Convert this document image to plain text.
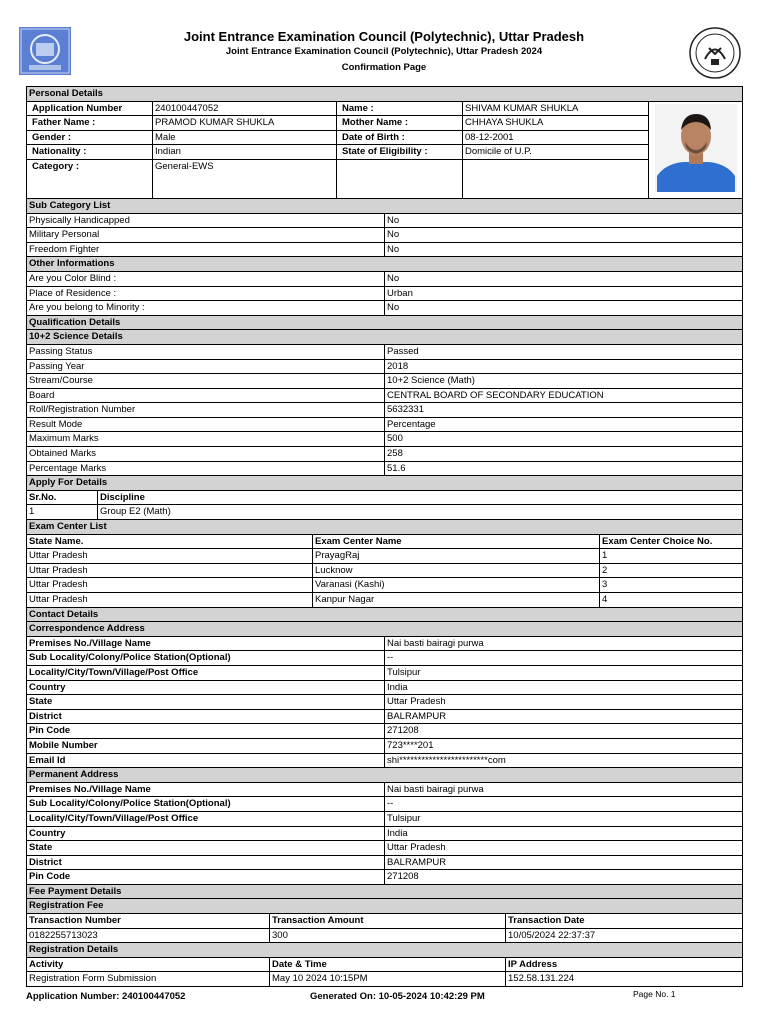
Joint Entrance Examination Council (Polytechnic), Uttar Pradesh
Joint Entrance Examination Council (Polytechnic), Uttar Pradesh 2024
Confirmation Page
Personal Details				
Application Number	240100447052	Name :	SHIVAM KUMAR SHUKLA	
Father Name :	PRAMOD KUMAR SHUKLA	Mother Name :	CHHAYA SHUKLA	
Gender :	Male	Date of Birth :	08-12-2001	
Nationality :	Indian	State of Eligibility :	Domicile of U.P.	
Category :	General-EWS			
Sub Category List	
Physically Handicapped	No
Military Personal	No
Freedom Fighter	No
Other Informations	
Are you Color Blind :	No
Place of Residence :	Urban
Are you belong to Minority :	No
Qualification Details	
10+2 Science Details	
Passing Status	Passed
Passing Year	2018
Stream/Course	10+2 Science (Math)
Board	CENTRAL BOARD OF SECONDARY EDUCATION
Roll/Registration Number	5632331
Result Mode	Percentage
Maximum Marks	500
Obtained Marks	258
Percentage Marks	51.6
Apply For Details	
Sr.No.	Discipline
1	Group E2 (Math)
Exam Center List		
State Name.	Exam Center Name	Exam Center Choice No.
Uttar Pradesh	PrayagRaj	1
Uttar Pradesh	Lucknow	2
Uttar Pradesh	Varanasi (Kashi)	3
Uttar Pradesh	Kanpur Nagar	4
Contact Details	
Correspondence Address	
Premises No./Village Name	Nai basti bairagi purwa
Sub Locality/Colony/Police Station(Optional)	--
Locality/City/Town/Village/Post Office	Tulsipur
Country	India
State	Uttar Pradesh
District	BALRAMPUR
Pin Code	271208
Mobile Number	723****201
Email Id	shi************************com
Permanent Address	
Premises No./Village Name	Nai basti bairagi purwa
Sub Locality/Colony/Police Station(Optional)	--
Locality/City/Town/Village/Post Office	Tulsipur
Country	India
State	Uttar Pradesh
District	BALRAMPUR
Pin Code	271208
Fee Payment Details		
Registration Fee		
Transaction Number	Transaction Amount	Transaction Date
0182255713023	300	10/05/2024 22:37:37
Registration Details		
Activity	Date & Time	IP Address
Registration Form Submission	May 10 2024 10:15PM	152.58.131.224
Application Number: 240100447052	Generated On: 10-05-2024 10:42:29 PM	Page No. 1
